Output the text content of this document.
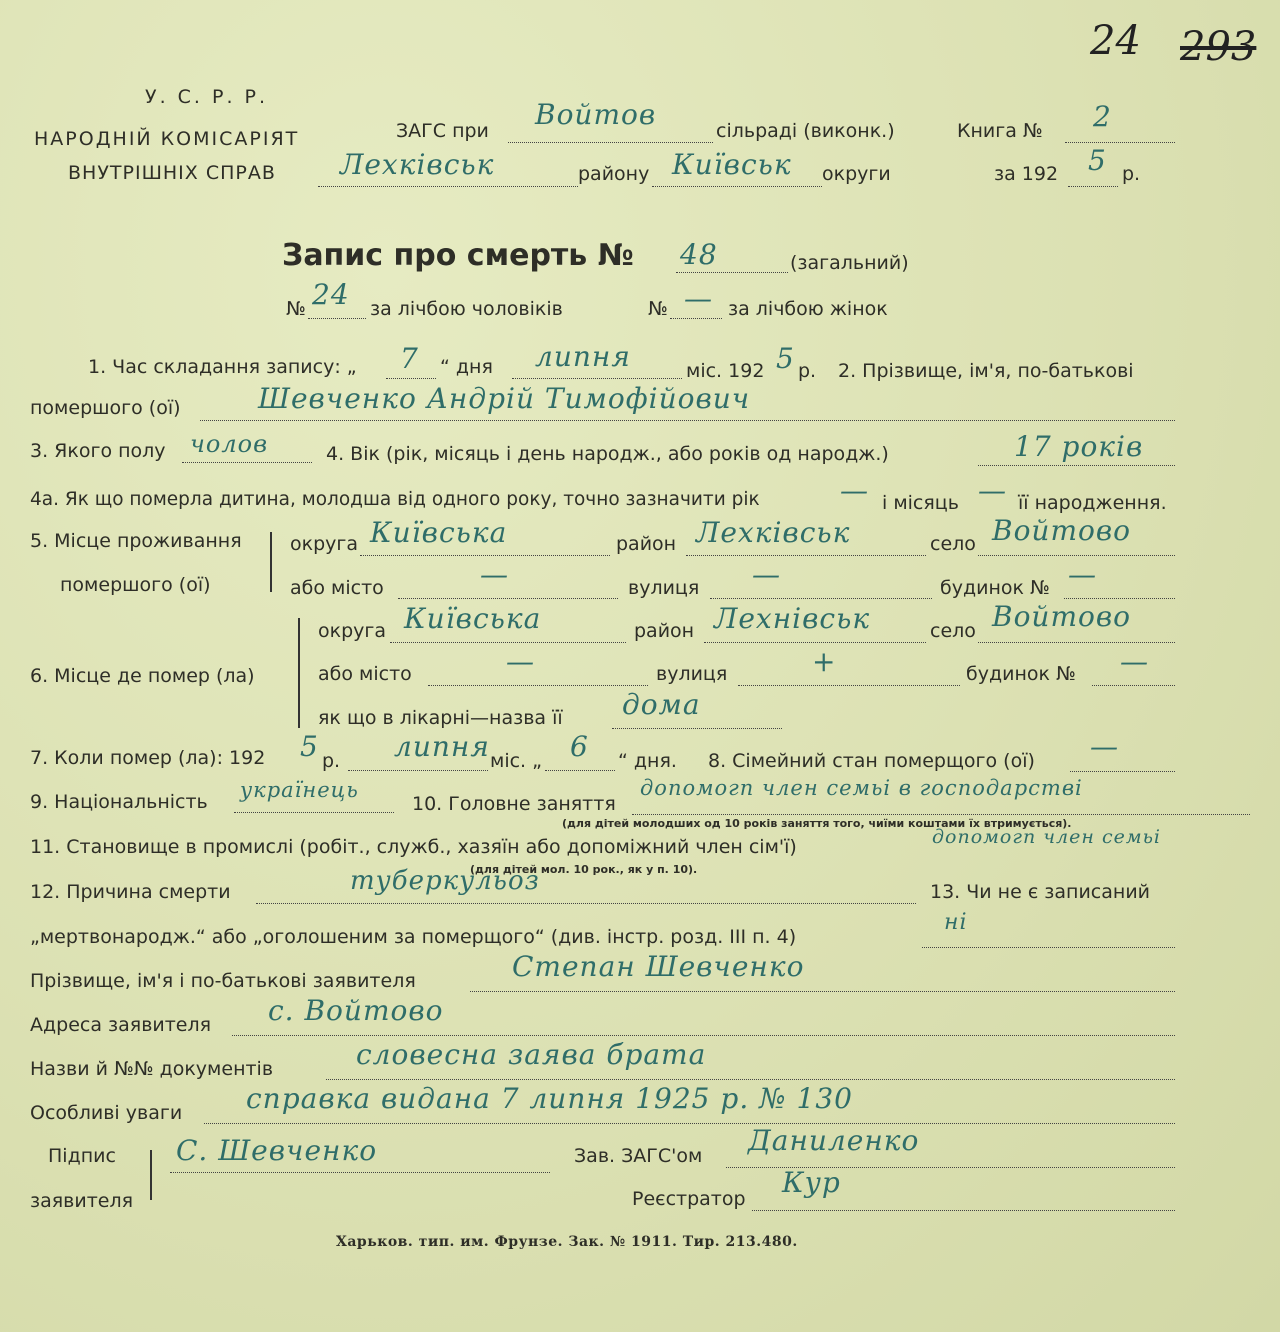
24 293
У. С. Р. Р.
НАРОДНІЙ КОМІСАРІЯТ
ВНУТРІШНІХ СПРАВ
ЗАГС при Войтов	сільраді (виконк.)	Книга № 2
Лехківськ	району Київськ округи	за 192 5 р.
Запис про смерть № 48	(загальний)
№ 24 за лічбою чоловіків	№ — за лічбою жінок
1. Час складання запису: „ 7 “ дня липня	міс. 192 5 р. 2. Прізвище, ім'я, по-батькові
помершого (ої)	Шевченко Андрій Тимофійович
3. Якого полу чолов	4. Вік (рік, місяць і день народж., або років од народж.)	17 років
4а. Як що померла дитина, молодша від одного року, точно зазначити рік	— і місяць — її народження.
5. Місце проживання
помершого (ої)
округа Київська	район Лехківськ	село Войтово
або місто	—	вулиця —	будинок № —
6. Місце де помер (ла)
округа Київська	район Лехнівськ	село Войтово
або місто	—	вулиця	+	будинок № —
як що в лікарні—назва її дома
7. Коли помер (ла): 192 5 р. липня міс. „ 6 “ дня. 8. Сімейний стан померщого (ої) —
9. Національність українець
10. Головне заняття
допомогп член семьі в господарстві
(для дітей молодших од 10 років заняття того, чиїми коштами їх втримується).
11. Становище в промислі (робіт., служб., хазяїн або допоміжний член сім'ї)	допомогп член семьі
(для дітей мол. 10 рок., як у п. 10).
12. Причина смерти	туберкульоз	13. Чи не є записаний
„мертвонародж.“ або „оголошеним за померщого“ (див. інстр. розд. III п. 4)
ні
Прізвище, ім'я і по-батькові заявителя	Степан Шевченко
Адреса заявителя с. Войтово
Назви й №№ документів	словесна заява брата
Особливі уваги справка видана 7 липня 1925 р. № 130
Підпис
заявителя
С. Шевченко	Зав. ЗАГС'ом Даниленко
Реєстратор Кур
Харьков. тип. им. Фрунзе. Зак. № 1911. Тир. 213.480.
